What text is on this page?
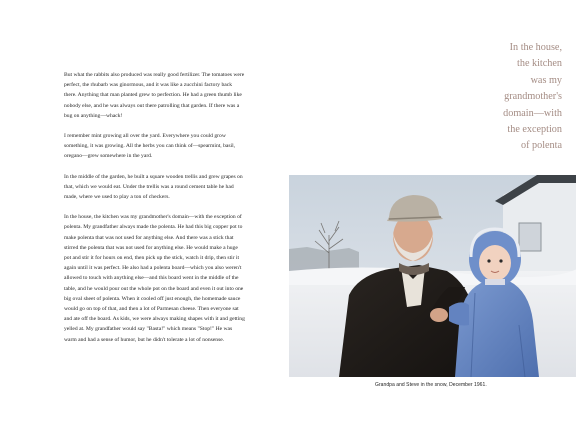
But what the rabbits also produced was really good fertilizer. The tomatoes were perfect, the rhubarb was ginormous, and it was like a zucchini factory back there. Anything that man planted grew to perfection. He had a green thumb like nobody else, and he was always out there patrolling that garden. If there was a bug on anything—whack!

I remember mint growing all over the yard. Everywhere you could grow something, it was growing. All the herbs you can think of—spearmint, basil, oregano—grew somewhere in the yard.

In the middle of the garden, he built a square wooden trellis and grew grapes on that, which we would eat. Under the trellis was a round cement table he had made, where we used to play a ton of checkers.

In the house, the kitchen was my grandmother's domain—with the exception of polenta. My grandfather always made the polenta. He had this big copper pot to make polenta that was not used for anything else. And there was a stick that stirred the polenta that was not used for anything else. He would make a huge pot and stir it for hours on end, then pick up the stick, watch it drip, then stir it again until it was perfect. He also had a polenta board—which you also weren't allowed to touch with anything else—and this board went in the middle of the table, and he would pour out the whole pot on the board and even it out into one big oval sheet of polenta. When it cooled off just enough, the homemade sauce would go on top of that, and then a lot of Parmesan cheese. Then everyone sat and ate off the board. As kids, we were always making shapes with it and getting yelled at. My grandfather would say "Basta!" which means "Stop!" He was warm and had a sense of humor, but he didn't tolerate a lot of nonsense.

In the house,
the kitchen
was my
grandmother's
domain—with
the exception
of polenta
Grandpa and Steve in the snow, December 1961.
